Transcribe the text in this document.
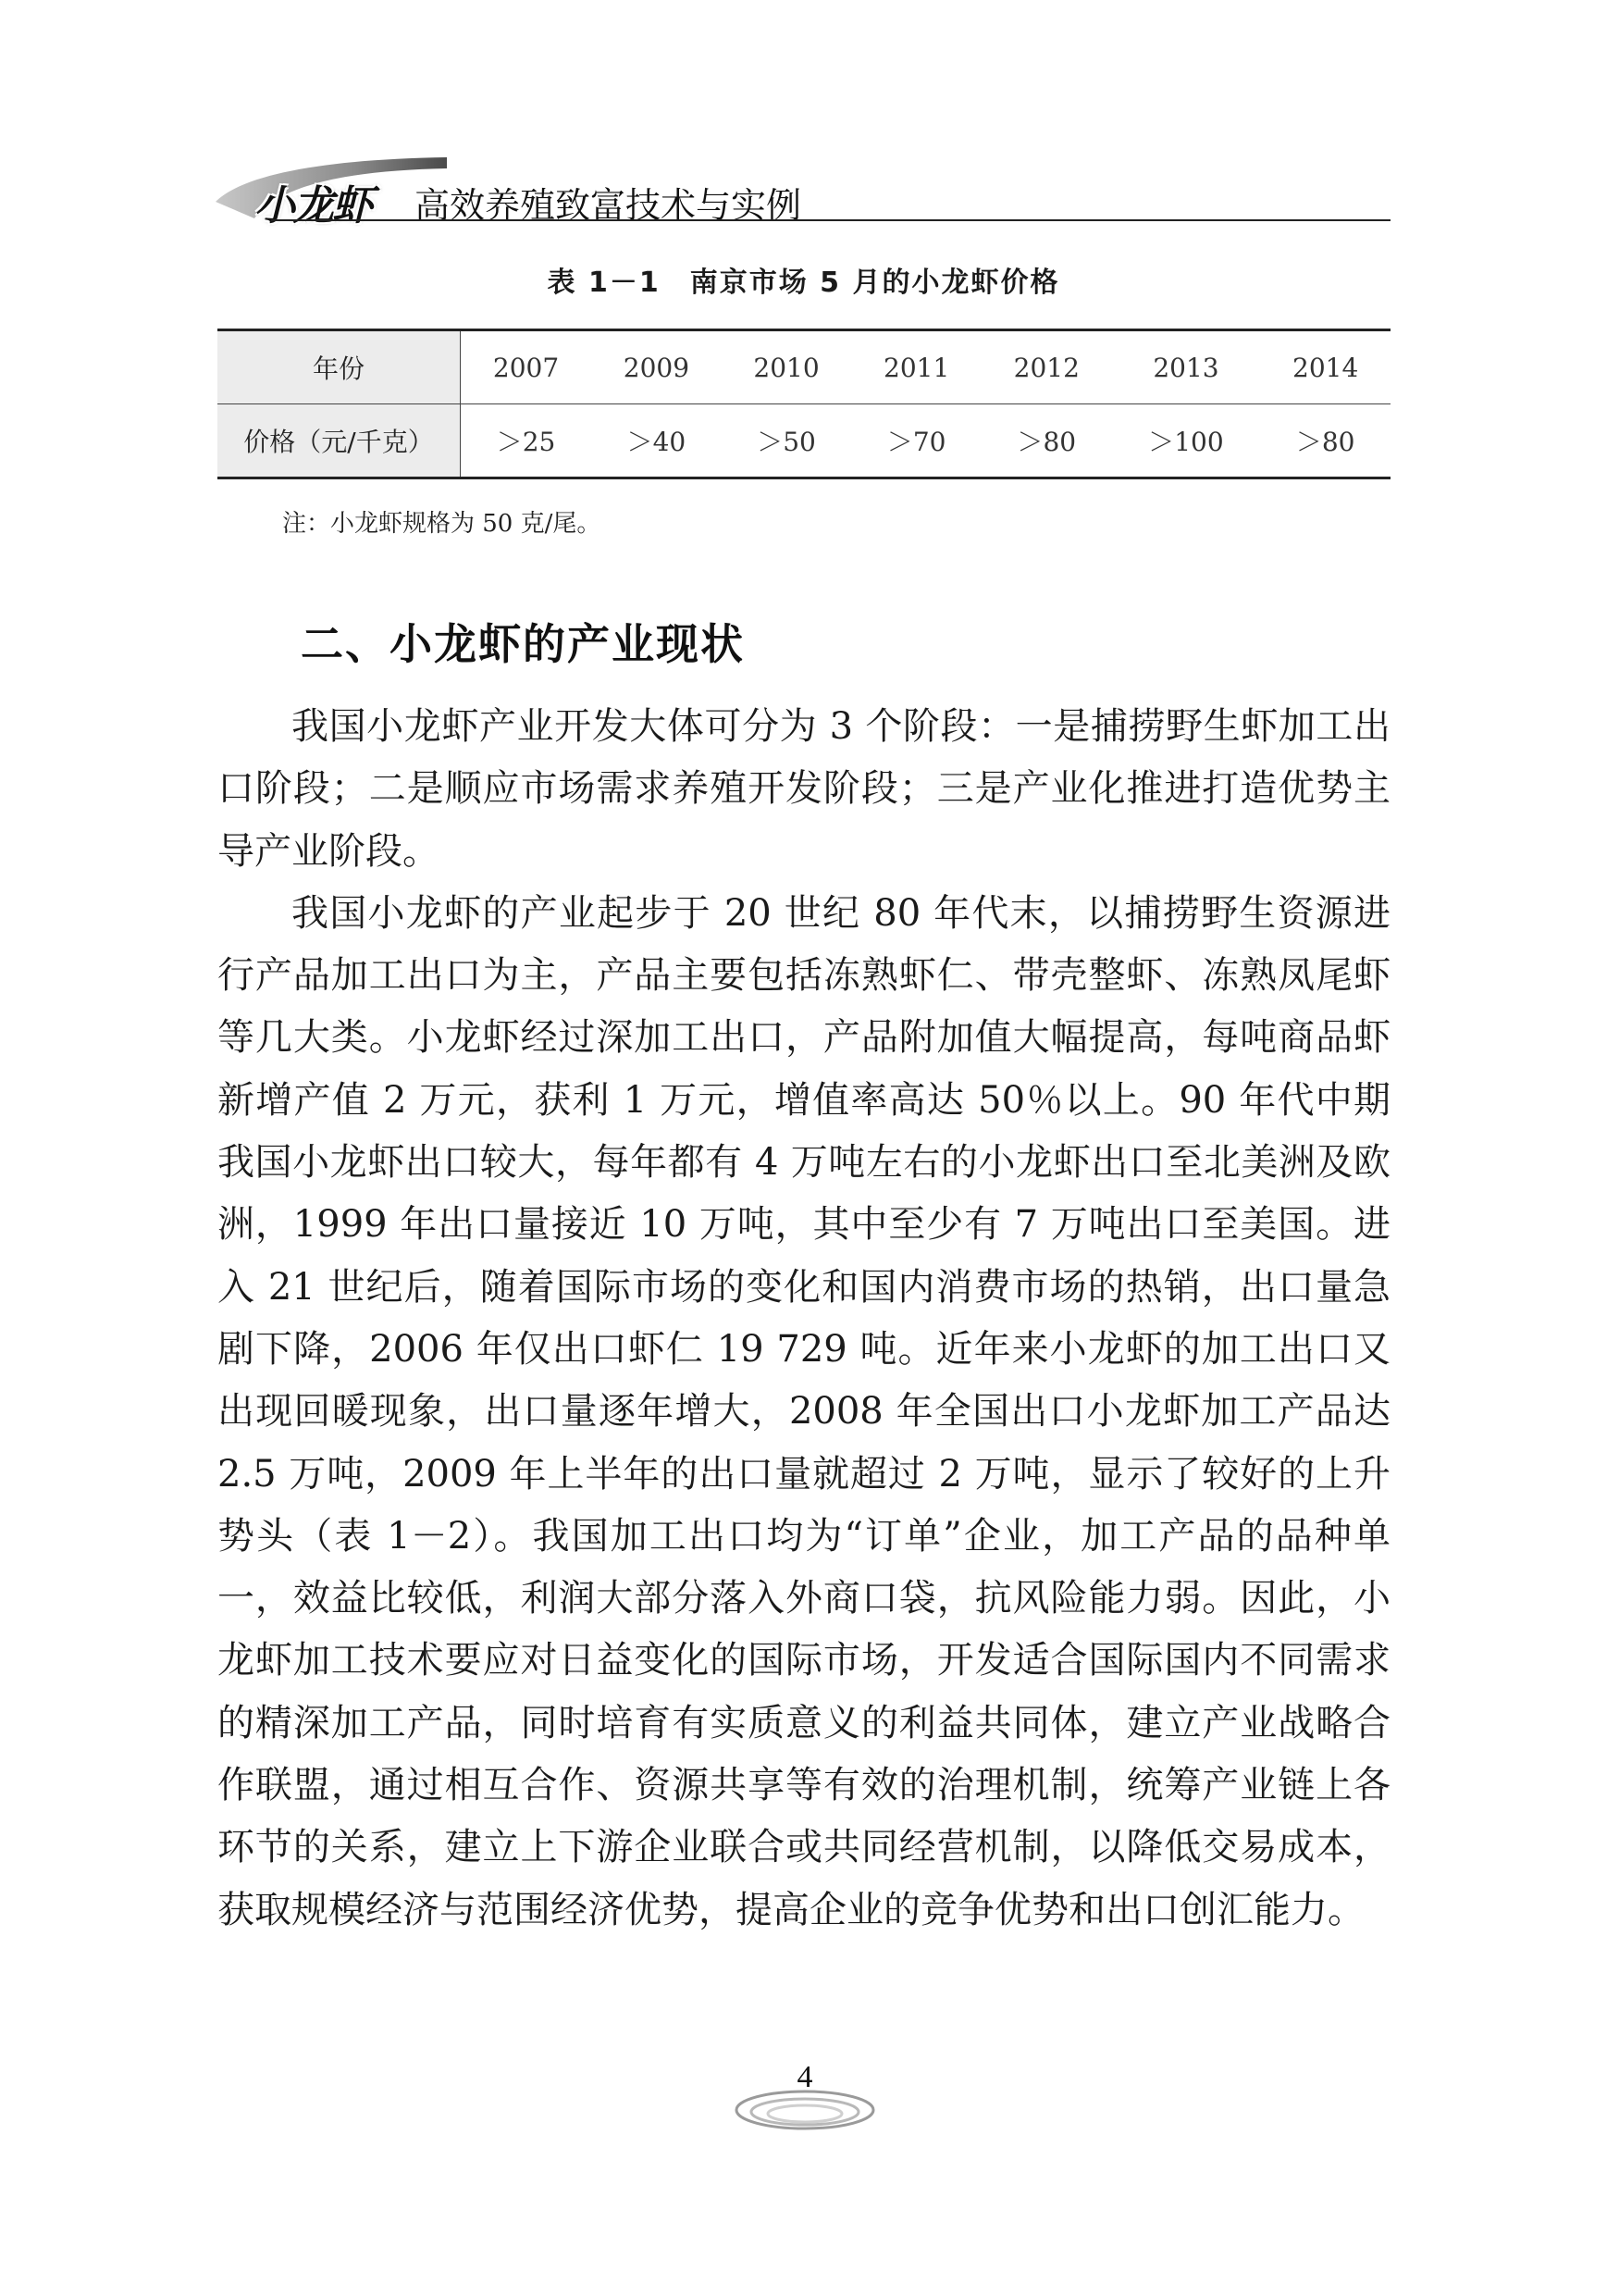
小龙虾 高效养殖致富技术与实例
表 1－1　南京市场 5 月的小龙虾价格
年份	2007	2009	2010	2011	2012	2013	2014
价格（元/千克）	＞25	＞40	＞50	＞70	＞80	＞100	＞80
注：小龙虾规格为 50 克/尾。
二、小龙虾的产业现状

我国小龙虾产业开发大体可分为 3 个阶段：一是捕捞野生虾加工出口阶段；二是顺应市场需求养殖开发阶段；三是产业化推进打造优势主导产业阶段。

我国小龙虾的产业起步于 20 世纪 80 年代末，以捕捞野生资源进行产品加工出口为主，产品主要包括冻熟虾仁、带壳整虾、冻熟凤尾虾等几大类。小龙虾经过深加工出口，产品附加值大幅提高，每吨商品虾新增产值 2 万元，获利 1 万元，增值率高达 50％以上。90 年代中期我国小龙虾出口较大，每年都有 4 万吨左右的小龙虾出口至北美洲及欧洲，1999 年出口量接近 10 万吨，其中至少有 7 万吨出口至美国。进入 21 世纪后，随着国际市场的变化和国内消费市场的热销，出口量急剧下降，2006 年仅出口虾仁 19 729 吨。近年来小龙虾的加工出口又出现回暖现象，出口量逐年增大，2008 年全国出口小龙虾加工产品达 2.5 万吨，2009 年上半年的出口量就超过 2 万吨，显示了较好的上升势头（表 1－2）。我国加工出口均为“订单”企业，加工产品的品种单一，效益比较低，利润大部分落入外商口袋，抗风险能力弱。因此，小龙虾加工技术要应对日益变化的国际市场，开发适合国际国内不同需求的精深加工产品，同时培育有实质意义的利益共同体，建立产业战略合作联盟，通过相互合作、资源共享等有效的治理机制，统筹产业链上各环节的关系，建立上下游企业联合或共同经营机制，以降低交易成本，获取规模经济与范围经济优势，提高企业的竞争优势和出口创汇能力。

4
